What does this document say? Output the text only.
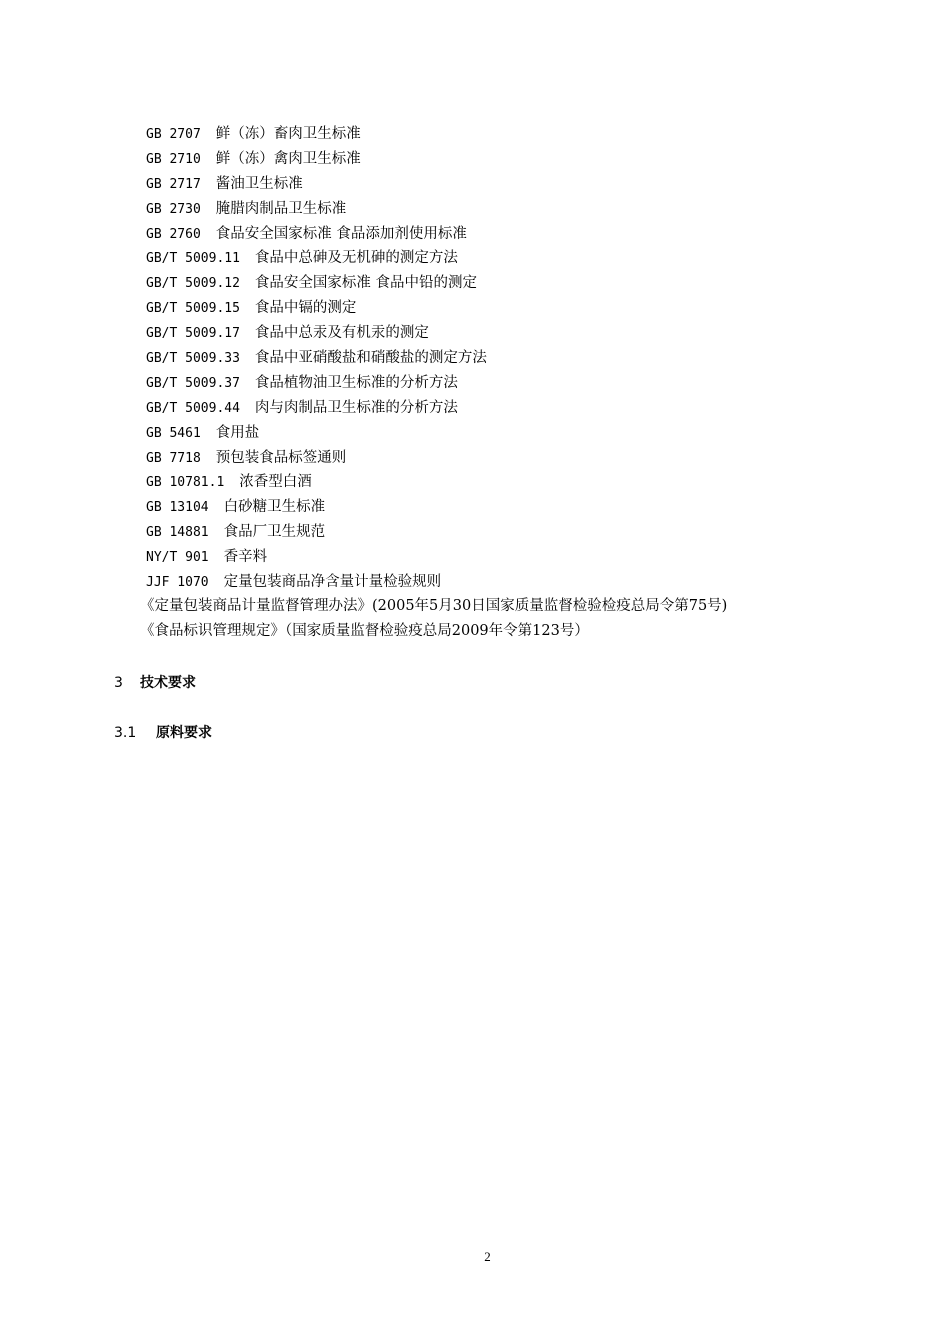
GB 2707 鲜（冻）畜肉卫生标准
GB 2710 鲜（冻）禽肉卫生标准
GB 2717 酱油卫生标准
GB 2730 腌腊肉制品卫生标准
GB 2760 食品安全国家标准 食品添加剂使用标准
GB/T 5009.11 食品中总砷及无机砷的测定方法
GB/T 5009.12 食品安全国家标准 食品中铅的测定
GB/T 5009.15 食品中镉的测定
GB/T 5009.17 食品中总汞及有机汞的测定
GB/T 5009.33 食品中亚硝酸盐和硝酸盐的测定方法
GB/T 5009.37 食品植物油卫生标准的分析方法
GB/T 5009.44 肉与肉制品卫生标准的分析方法
GB 5461 食用盐
GB 7718 预包装食品标签通则
GB 10781.1 浓香型白酒
GB 13104 白砂糖卫生标准
GB 14881 食品厂卫生规范
NY/T 901 香辛料
JJF 1070 定量包装商品净含量计量检验规则
《定量包装商品计量监督管理办法》(2005年5月30日国家质量监督检验检疫总局令第75号)
《食品标识管理规定》（国家质量监督检验疫总局2009年令第123号）
3 技术要求
3.1 原料要求
2
